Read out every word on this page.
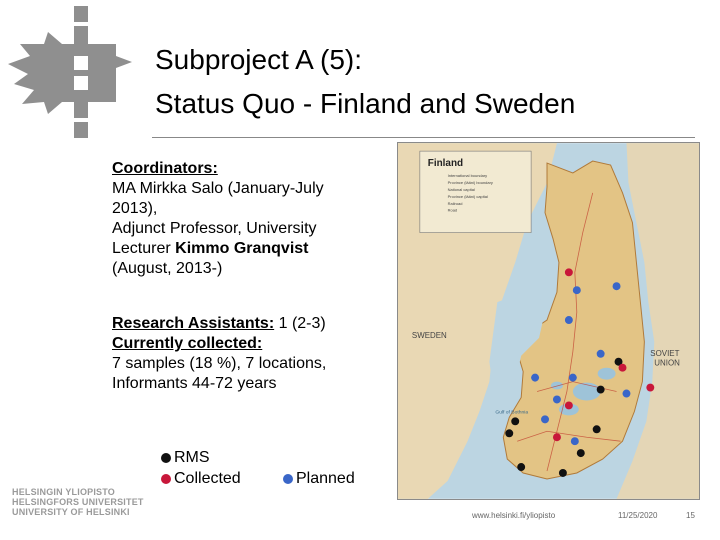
Subproject A (5):
Status Quo - Finland and Sweden
Coordinators:
MA Mirkka Salo (January-July
2013),
Adjunct Professor, University
Lecturer Kimmo Granqvist
(August, 2013-)
Research Assistants: 1 (2-3)
Currently collected:
7 samples (18 %), 7 locations,
Informants 44-72 years
RMS
Collected	Planned
Finland
International boundary
Province (lääni) boundary
National capital
Province (lääni) capital
Railroad
Road
SWEDEN
SOVIET
UNION
Gulf of Bothnia
HELSINGIN YLIOPISTO
HELSINGFORS UNIVERSITET
UNIVERSITY OF HELSINKI	www.helsinki.fi/yliopisto	11/25/2020	15
